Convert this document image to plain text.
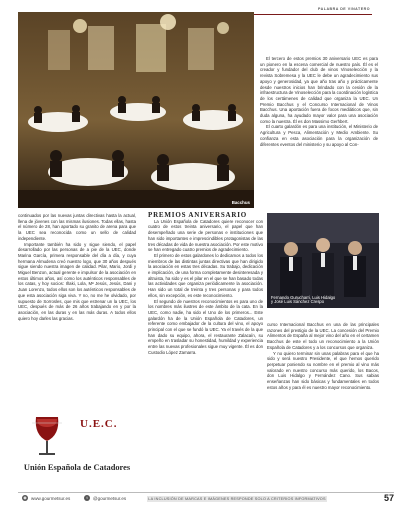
PALABRA DE VINATERO
Bacchus

El tercero de estos premios 30 aniversario UEC es para un pionero en la escena comercial de nuestro país. Él es el creador y fundador del club de vinos Vinoselección y la revista Sobremesa y la UEC le debe un agradecimiento sus apoyo y generosidad, ya que año tras año y prácticamente desde nuestros inicios han brindado con la cesión de la infraestructura de Vinoselección para la coordinación logística de los certámenes de calidad que organiza la UEC. Un Premio Bacchus y el Concurso Internacional de Vinos Bacchus. Una aportación fuera de focos mediáticos que, sin duda alguna, ha ayudado mayor valor para una asociación como la nuestra. Él es don Massimo Gerhbert.

El cuarto galardón es para una institución, el Ministerio de Agricultura y Pesca, Alimentación y Medio Ambiente. Su confianza en esta asociación para la organización de diferentes eventos del ministerio y su apoyo al Con-

continuados por las nuevas juntas directivas hasta la actual, llena de jóvenes con las mismas ilusiones. Todas ellas, hasta el número de 28, han aportado su granito de arena para que la UEC sea reconocida como un sello de calidad independiente.

Importante también ha sido y sigue siendo, el papel desarrollado por las personas de a pie de la UEC, donde Marina García, primera responsable del día a día, y cuya hermana Almudena creó nuestro logo, que 30 años después sigue siendo nuestra imagen de calidad. Pilar, Mario, Jordi y Miguel Benzon, actual gerente e impulsor de la asociación en estos últimos años, así como los auténticos responsables de los catas, y hoy socios: Iñaki, Lola, Mª Jesús, Jesús, Dani y Juan Lorenzo, todos ellos son los auténticos responsables de que esta asociación siga viva. Y no, no me he olvidado, por supuesto de Sorrosles, que mis que estrenar un la UEC, los UEC, después de más de 26 años trabajando en y por la asociación, en las duras y en las más duras. A todos ellos quiero hoy darles las gracias.

PREMIOS ANIVERSARIO

La Unión Española de Catadores quiere reconocer con cuatro de estos treinta aniversario, el papel que han desempeñado una serie de personas e instituciones que han sido importantes e imprescindibles protagonistas de las tres décadas de vida de nuestra asociación. Por este motivo se han entregado cuatro premios de agradecimiento.

El primero de estos galardones lo dedicamos a todos los miembros de las distintas juntas directivas que han dirigido la asociación en estas tres décadas. Su trabajo, dedicación e implicación, de una forma completamente desinteresada y altruista, ha sido y es el pilar en el que se han basado todas las actividades que organiza periódicamente la asociación. Han sido un total de treinta y tres personas y para todos ellos, sin excepción, es este reconocimiento.

El segundo de nuestros reconocimientos es para uno de los nombres más ilustres de este ámbito de la cata. En la UEC, como nadie, ha sido el Uno de los primeros... Este galardón ha de la Unión Española de Catadores, un referente como embajador de la cultura del vino, el apoyo principal con el que se fundó la UEC. Ya el través de la que han dado su equipo, ahora, el restaurante Zalacaín, su empeño en trasladar su honestidad, humildad y experiencia entre las nuevas profesionales sigue muy vigente. Él es don Custodio López Zamarra.

Fernando Gurucharri, Luis Hidalgo
y José Luis Sánchez Crespo

curso Internacional Bacchus en una de las principales razones del prestigio de la UEC. La concesión del Premio Alimentos de España al mejor vino del año en el certamen Bacchus de este el todo un reconocimiento a la Unión Española de Catadores y a los concursos que organiza.

Y no quiero terminar sin unas palabras para el que ha sido y será nuestro Presidente, el que hemos querido perpetuar poniendo su nombre en el premio al vino más valorado en nuestro concurso más querido, los Bacos, don Luis Hidalgo y Fernández Cano. Sus sabias enseñanzas han sido básicas y fundamentales en todos estos años y para él es nuestro mayor reconocimiento.

U.E.C.
Unión Española de Catadores
◉ www.gourmetsur.es	t	@gourmetsur.es	LA INCLUSIÓN DE MARCAS E IMÁGENES RESPONDE SOLO A CRITERIOS INFORMATIVOS	57
